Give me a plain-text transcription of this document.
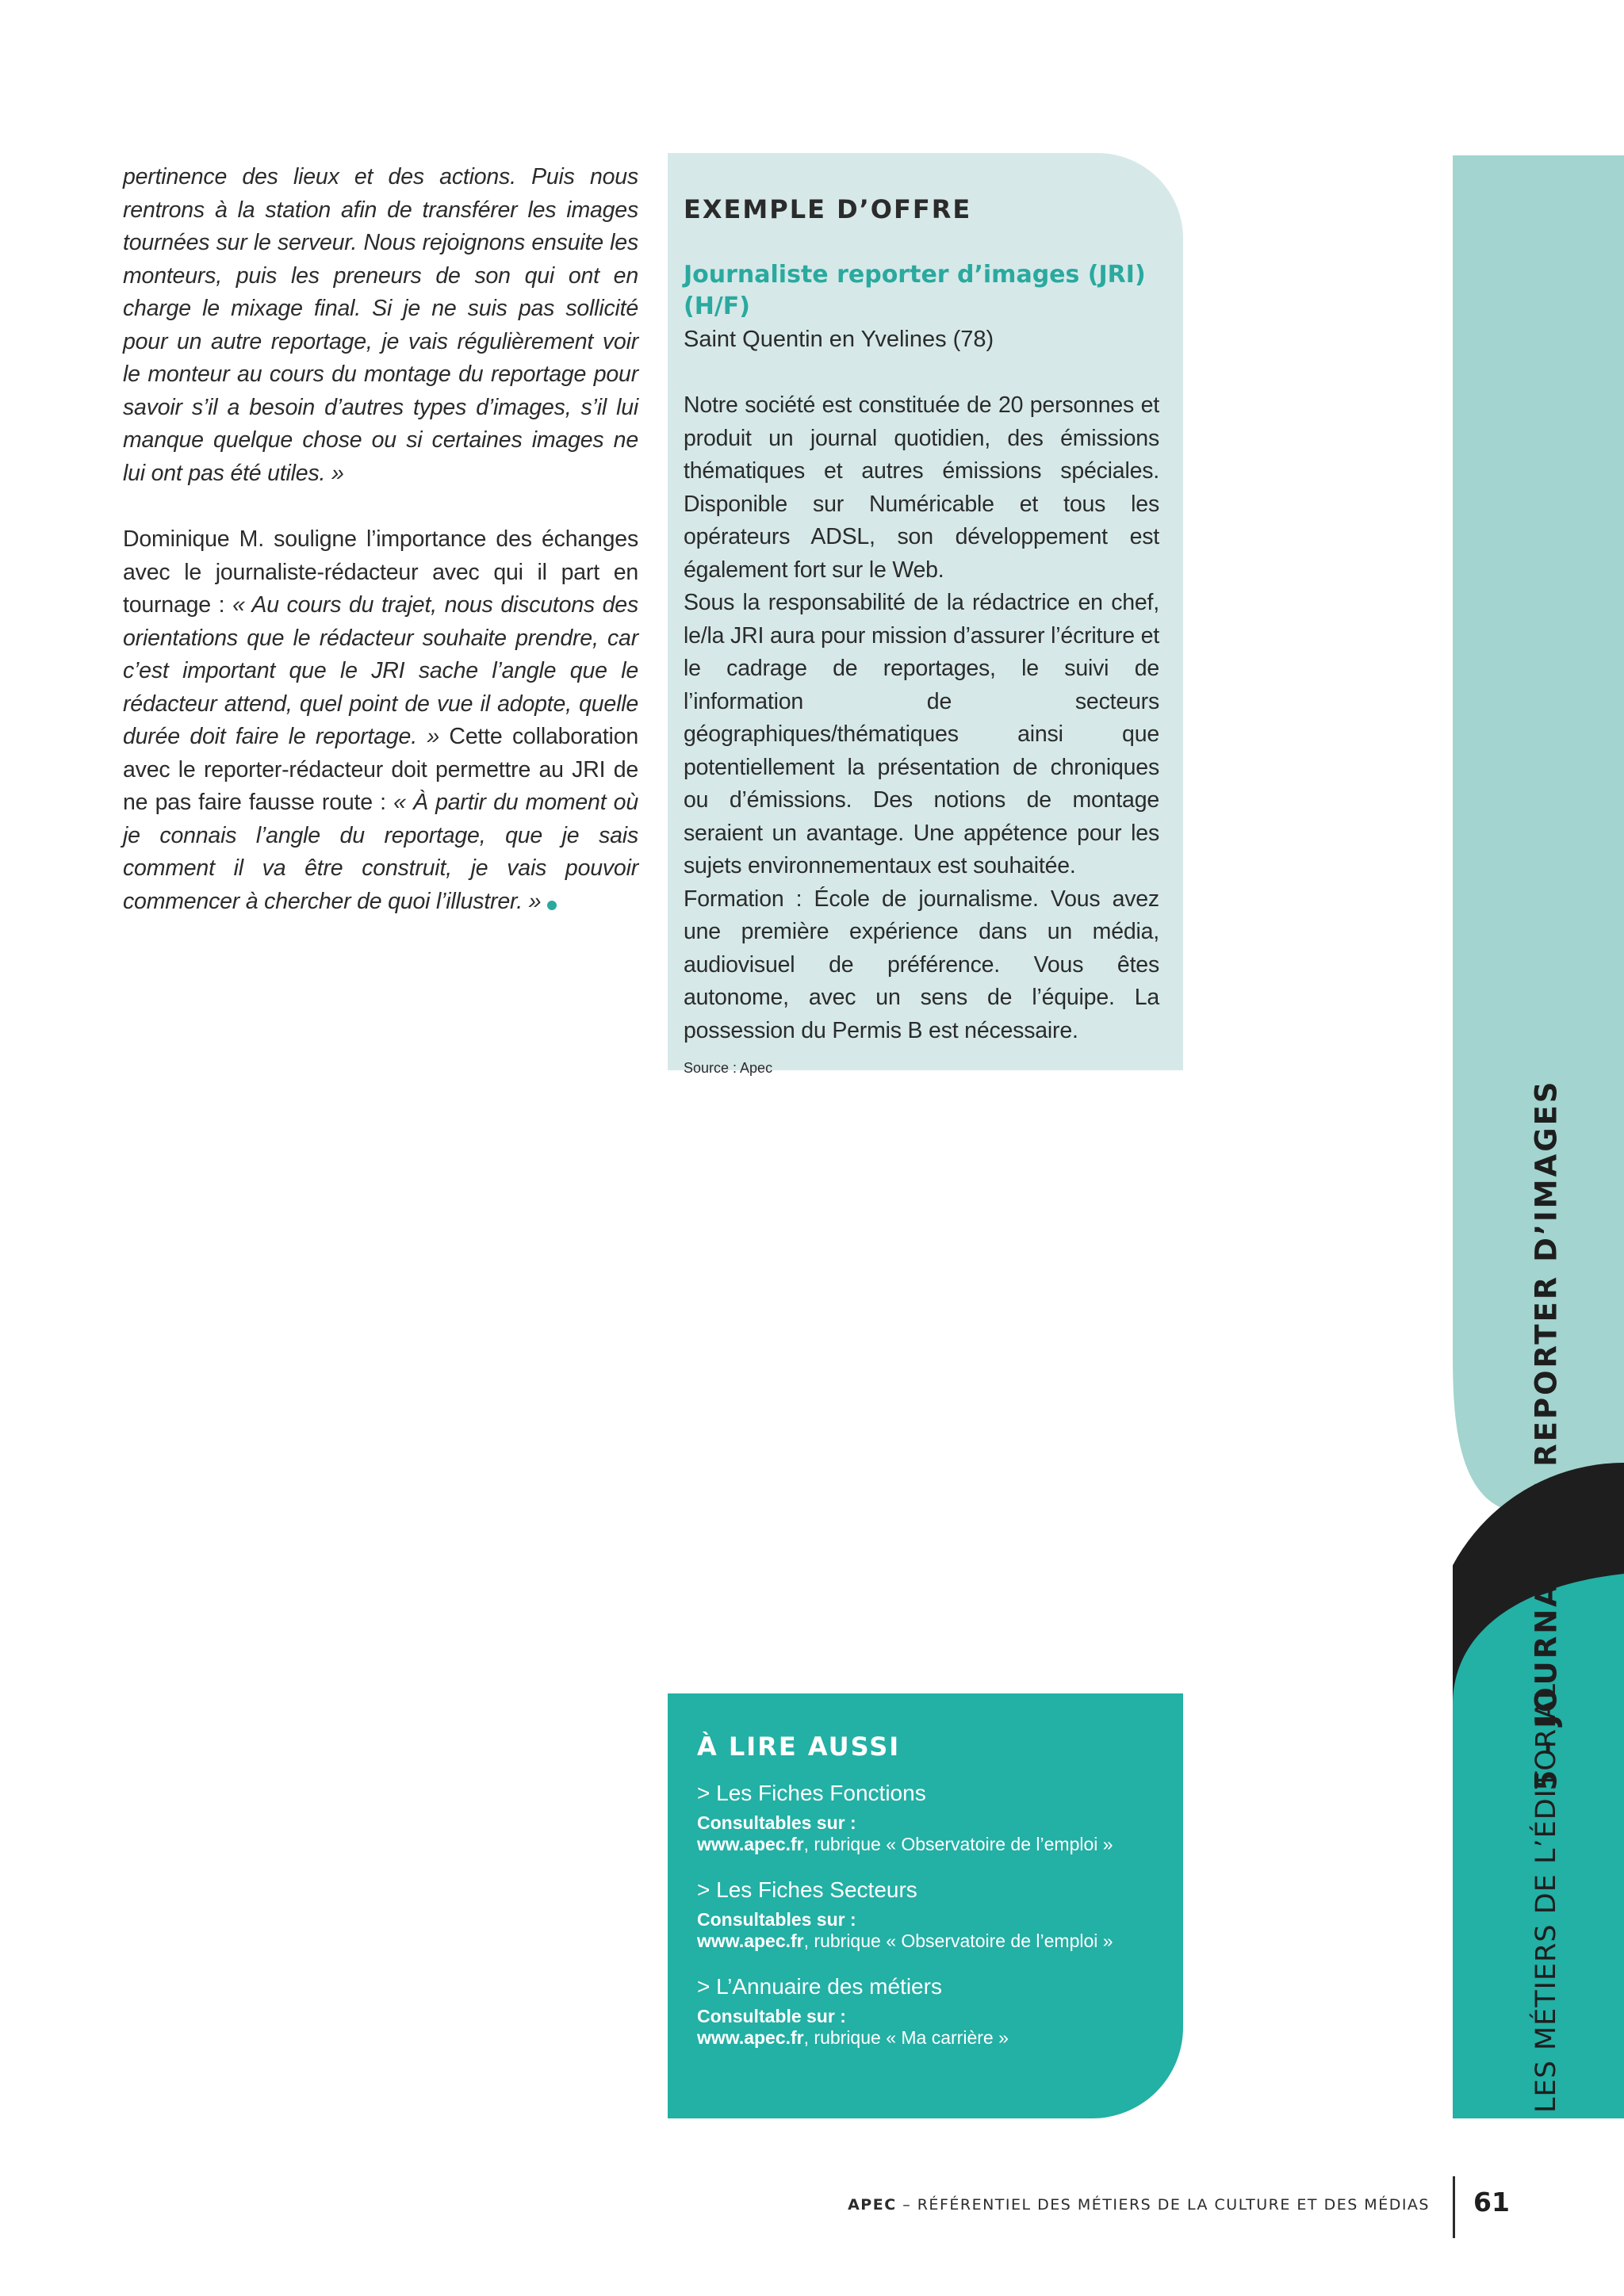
pertinence des lieux et des actions. Puis nous rentrons à la station afin de transférer les images tournées sur le serveur. Nous rejoignons ensuite les monteurs, puis les preneurs de son qui ont en charge le mixage final. Si je ne suis pas sollicité pour un autre reportage, je vais régulièrement voir le monteur au cours du montage du reportage pour savoir s’il a besoin d’autres types d’images, s’il lui manque quelque chose ou si certaines images ne lui ont pas été utiles. »

Dominique M. souligne l’importance des échanges avec le journaliste-rédacteur avec qui il part en tournage : « Au cours du trajet, nous discutons des orientations que le rédacteur souhaite prendre, car c’est important que le JRI sache l’angle que le rédacteur attend, quel point de vue il adopte, quelle durée doit faire le reportage. » Cette collaboration avec le reporter-rédacteur doit permettre au JRI de ne pas faire fausse route : « À partir du moment où je connais l’angle du reportage, que je sais comment il va être construit, je vais pouvoir commencer à chercher de quoi l’illustrer. »

EXEMPLE D’OFFRE
Journaliste reporter d’images (JRI) (H/F)
Saint Quentin en Yvelines (78)

Notre société est constituée de 20 personnes et produit un journal quotidien, des émissions thématiques et autres émissions spéciales. Disponible sur Numéricable et tous les opérateurs ADSL, son développement est également fort sur le Web.

Sous la responsabilité de la rédactrice en chef, le/la JRI aura pour mission d’assurer l’écriture et le cadrage de reportages, le suivi de l’information de secteurs géographiques/thématiques ainsi que potentiellement la présentation de chroniques ou d’émissions. Des notions de montage seraient un avantage. Une appétence pour les sujets environnementaux est souhaitée.

Formation : École de journalisme. Vous avez une première expérience dans un média, audiovisuel de préférence. Vous êtes autonome, avec un sens de l’équipe. La possession du Permis B est nécessaire.

Source : Apec
À LIRE AUSSI
> Les Fiches Fonctions
Consultables sur :
www.apec.fr, rubrique « Observatoire de l’emploi »
> Les Fiches Secteurs
Consultables sur :
www.apec.fr, rubrique « Observatoire de l’emploi »
> L’Annuaire des métiers
Consultable sur :
www.apec.fr, rubrique « Ma carrière »
5 – JOURNALISTE REPORTER D’IMAGES
LES MÉTIERS DE L’ÉDITORIAL
APEC – RÉFÉRENTIEL DES MÉTIERS DE LA CULTURE ET DES MÉDIAS 61
